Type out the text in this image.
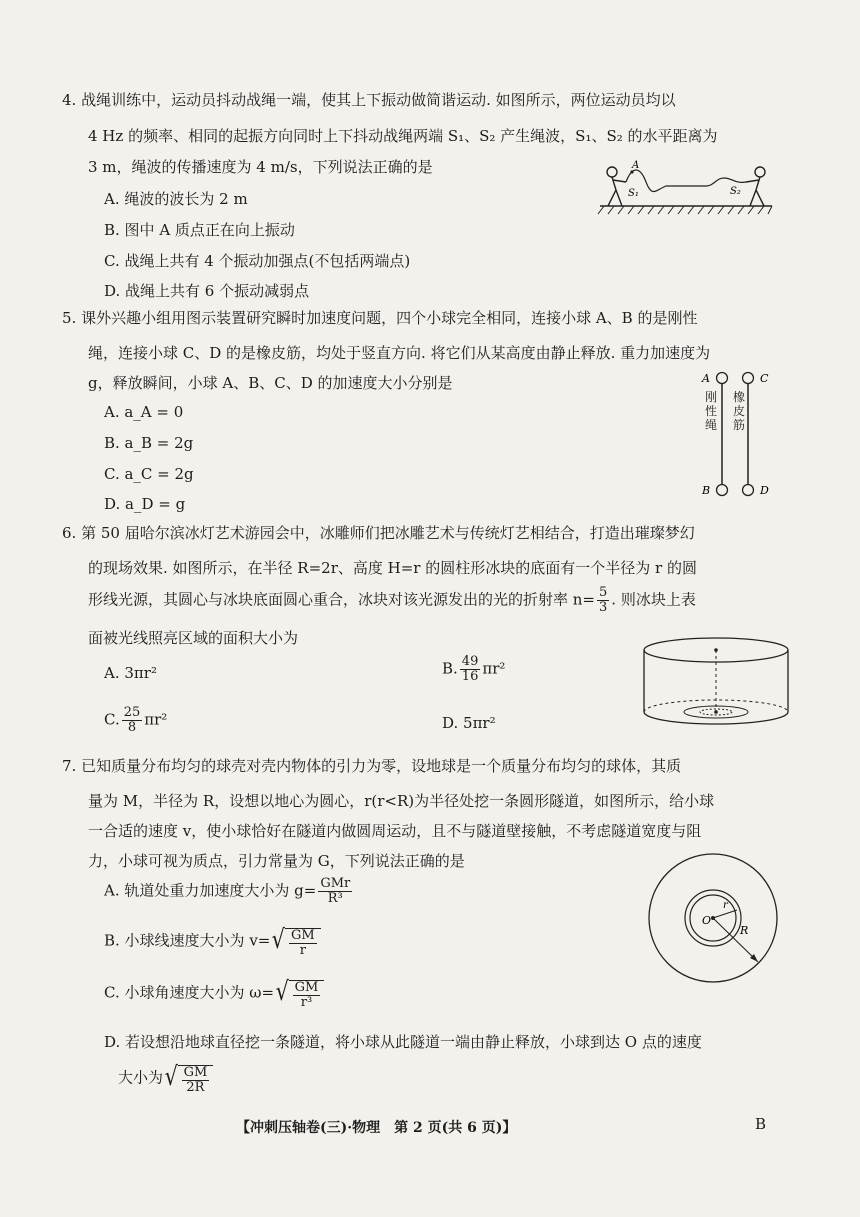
4. 战绳训练中，运动员抖动战绳一端，使其上下振动做简谐运动. 如图所示，两位运动员均以
4 Hz 的频率、相同的起振方向同时上下抖动战绳两端 S₁、S₂ 产生绳波，S₁、S₂ 的水平距离为
3 m，绳波的传播速度为 4 m/s，下列说法正确的是
A. 绳波的波长为 2 m
B. 图中 A 质点正在向上振动
C. 战绳上共有 4 个振动加强点(不包括两端点)
D. 战绳上共有 6 个振动减弱点
A
S₁	S₂
5. 课外兴趣小组用图示装置研究瞬时加速度问题，四个小球完全相同，连接小球 A、B 的是刚性
绳，连接小球 C、D 的是橡皮筋，均处于竖直方向. 将它们从某高度由静止释放. 重力加速度为
g，释放瞬间，小球 A、B、C、D 的加速度大小分别是
A. a_A = 0
B. a_B = 2g
C. a_C = 2g
D. a_D = g
A	C
B	D
刚性绳
橡皮筋
6. 第 50 届哈尔滨冰灯艺术游园会中，冰雕师们把冰雕艺术与传统灯艺相结合，打造出璀璨梦幻
的现场效果. 如图所示，在半径 R=2r、高度 H=r 的圆柱形冰块的底面有一个半径为 r 的圆
形线光源，其圆心与冰块底面圆心重合，冰块对该光源发出的光的折射率 $n= \frac{5}{3}$ . 则冰块上表
面被光线照亮区域的面积大小为
A. 3πr²	B. $\frac{49}{16} \pi r^2$
C. $\frac{25}{8} \pi r^2$	D. 5πr²
7. 已知质量分布均匀的球壳对壳内物体的引力为零，设地球是一个质量分布均匀的球体，其质
量为 M，半径为 R，设想以地心为圆心，r(r<R)为半径处挖一条圆形隧道，如图所示，给小球
一合适的速度 v，使小球恰好在隧道内做圆周运动，且不与隧道壁接触，不考虑隧道宽度与阻
力，小球可视为质点，引力常量为 G，下列说法正确的是
A. 轨道处重力加速度大小为 $g= \frac{\text{GMr}}{\text{R³}}$
B. 小球线速度大小为 v= √ $\frac{GM}{r}$
C. 小球角速度大小为 ω= √ $\frac{GM}{\text{r³}}$
D. 若设想沿地球直径挖一条隧道，将小球从此隧道一端由静止释放，小球到达 O 点的速度
大小为 √ $\frac{GM}{2R}$
O
r
R
【冲刺压轴卷(三)·物理　第 2 页(共 6 页)】	B
